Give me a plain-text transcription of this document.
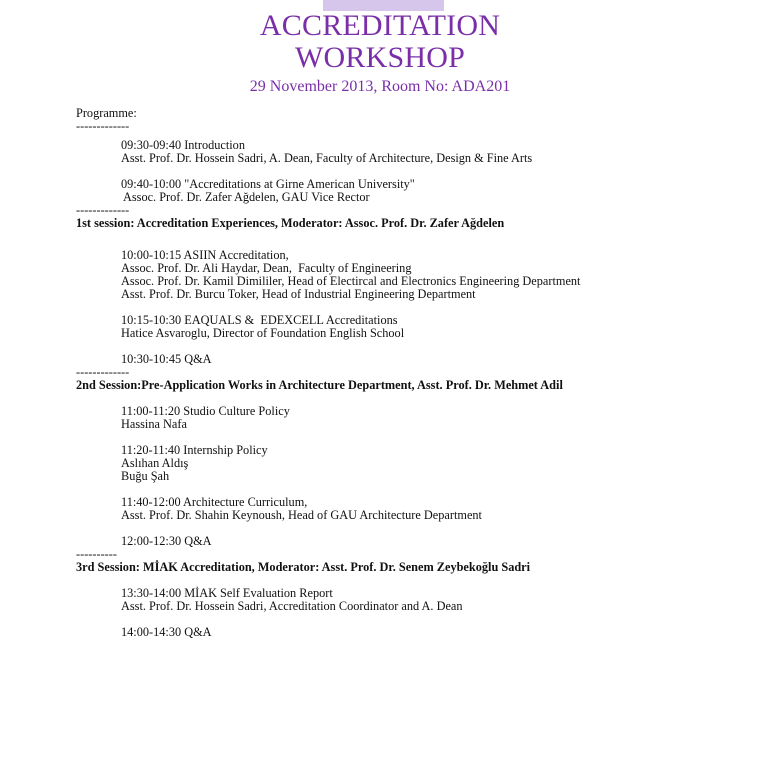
ACCREDITATION
WORKSHOP
29 November 2013, Room No: ADA201
Programme:
-------------
09:30-09:40 Introduction
Asst. Prof. Dr. Hossein Sadri, A. Dean, Faculty of Architecture, Design & Fine Arts
09:40-10:00 "Accreditations at Girne American University"
Assoc. Prof. Dr. Zafer Ağdelen, GAU Vice Rector
-------------
1st session: Accreditation Experiences, Moderator: Assoc. Prof. Dr. Zafer Ağdelen
10:00-10:15 ASIIN Accreditation,
Assoc. Prof. Dr. Ali Haydar, Dean,  Faculty of Engineering
Assoc. Prof. Dr. Kamil Dimililer, Head of Electircal and Electronics Engineering Department
Asst. Prof. Dr. Burcu Toker, Head of Industrial Engineering Department
10:15-10:30 EAQUALS &  EDEXCELL Accreditations
Hatice Asvaroglu, Director of Foundation English School
10:30-10:45 Q&A
-------------
2nd Session:Pre-Application Works in Architecture Department, Asst. Prof. Dr. Mehmet Adil
11:00-11:20 Studio Culture Policy
Hassina Nafa
11:20-11:40 Internship Policy
Aslıhan Aldış
Buğu Şah
11:40-12:00 Architecture Curriculum,
Asst. Prof. Dr. Shahin Keynoush, Head of GAU Architecture Department
12:00-12:30 Q&A
----------
3rd Session: MİAK Accreditation, Moderator: Asst. Prof. Dr. Senem Zeybekoğlu Sadri
13:30-14:00 MİAK Self Evaluation Report
Asst. Prof. Dr. Hossein Sadri, Accreditation Coordinator and A. Dean
14:00-14:30 Q&A
